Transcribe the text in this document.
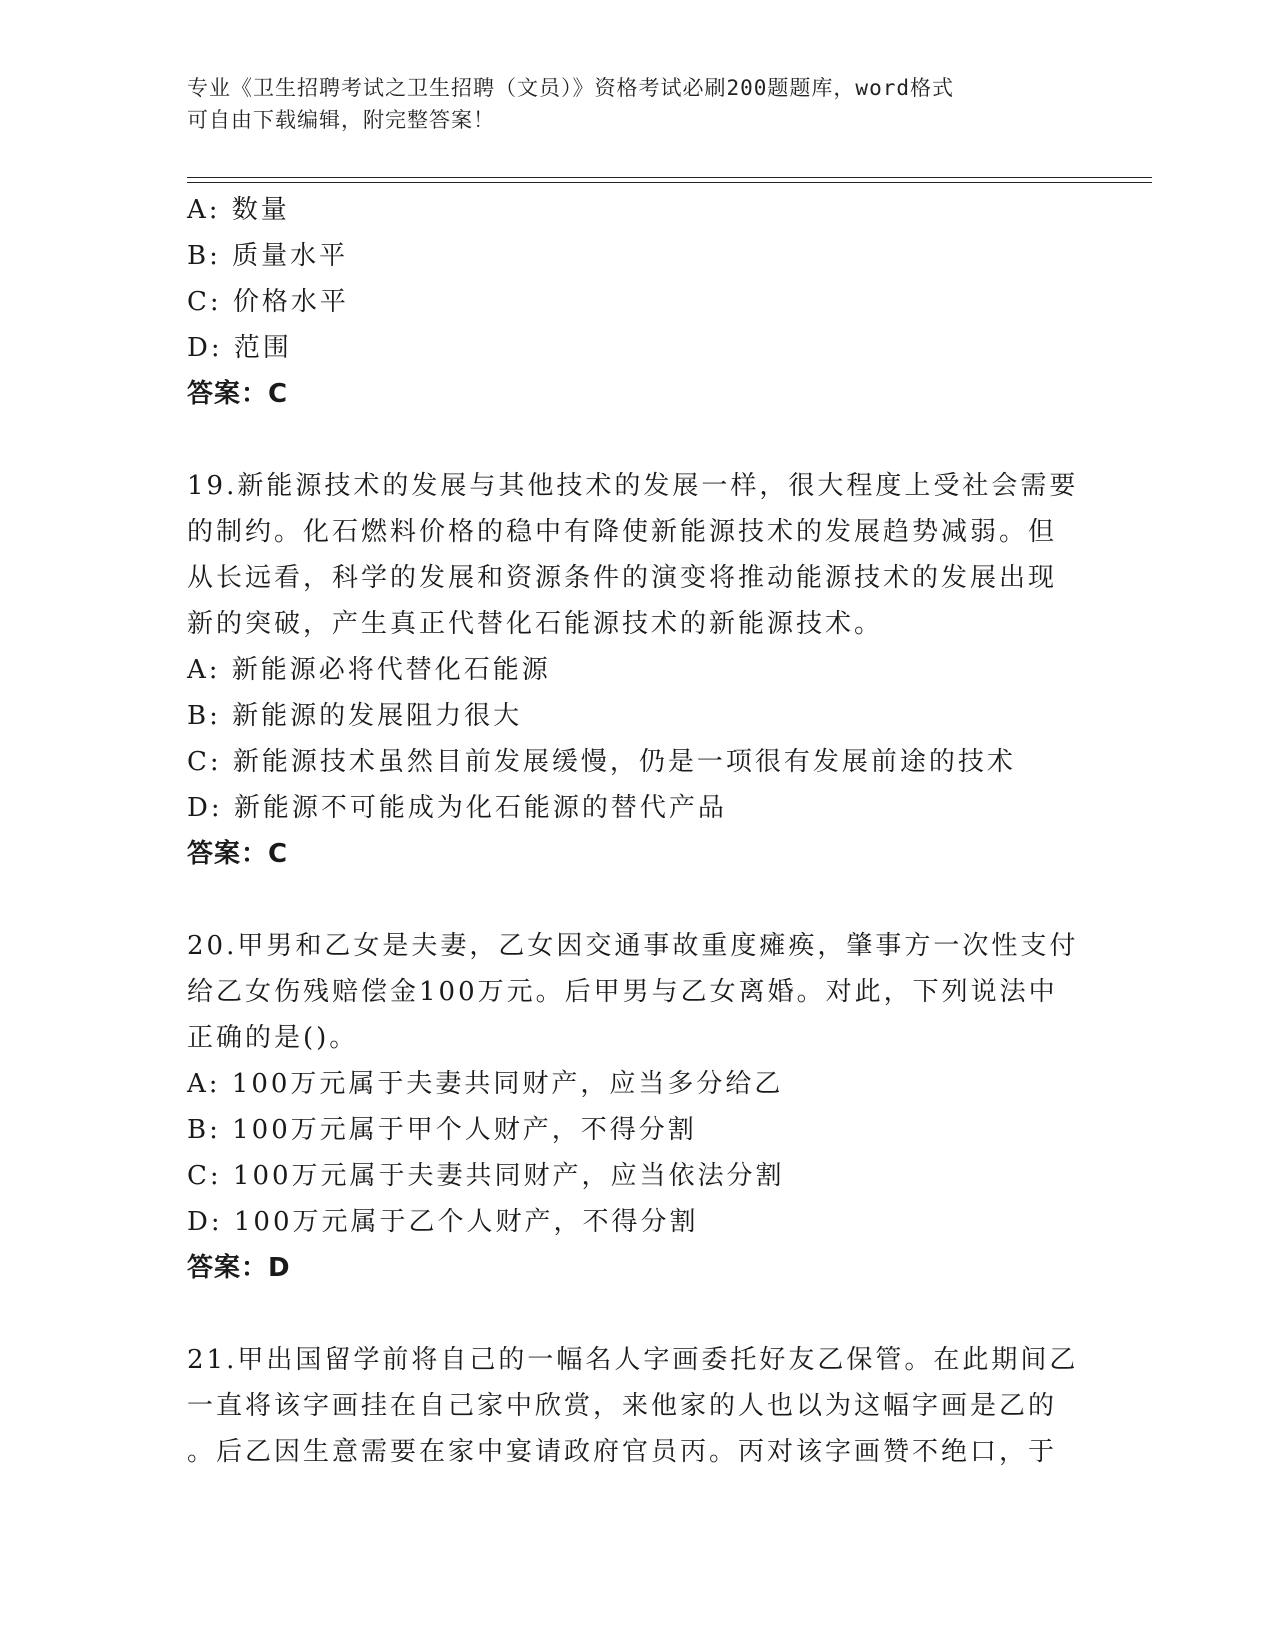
专业《卫生招聘考试之卫生招聘（文员）》资格考试必刷200题题库，word格式
可自由下载编辑，附完整答案！
A: 数量
B: 质量水平
C: 价格水平
D: 范围
答案：C
19.新能源技术的发展与其他技术的发展一样，很大程度上受社会需要
的制约。化石燃料价格的稳中有降使新能源技术的发展趋势减弱。但
从长远看，科学的发展和资源条件的演变将推动能源技术的发展出现
新的突破，产生真正代替化石能源技术的新能源技术。
A: 新能源必将代替化石能源
B: 新能源的发展阻力很大
C: 新能源技术虽然目前发展缓慢，仍是一项很有发展前途的技术
D: 新能源不可能成为化石能源的替代产品
答案：C
20.甲男和乙女是夫妻，乙女因交通事故重度瘫痪，肇事方一次性支付
给乙女伤残赔偿金100万元。后甲男与乙女离婚。对此，下列说法中
正确的是()。
A: 100万元属于夫妻共同财产，应当多分给乙
B: 100万元属于甲个人财产，不得分割
C: 100万元属于夫妻共同财产，应当依法分割
D: 100万元属于乙个人财产，不得分割
答案：D
21.甲出国留学前将自己的一幅名人字画委托好友乙保管。在此期间乙
一直将该字画挂在自己家中欣赏，来他家的人也以为这幅字画是乙的
。后乙因生意需要在家中宴请政府官员丙。丙对该字画赞不绝口，于
